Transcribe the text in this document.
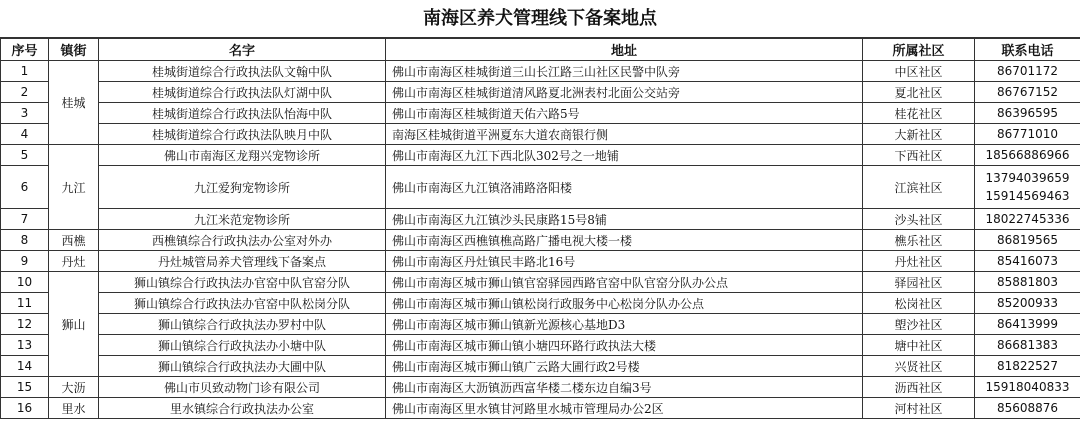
南海区养犬管理线下备案地点
序号	镇街	名字	地址	所属社区	联系电话
1	桂城	桂城街道综合行政执法队文翰中队	佛山市南海区桂城街道三山长江路三山社区民警中队旁	中区社区	86701172

2		桂城街道综合行政执法队灯湖中队	佛山市南海区桂城街道清风路夏北洲表村北面公交站旁	夏北社区	86767152

3		桂城街道综合行政执法队怡海中队	佛山市南海区桂城街道天佑六路5号	桂花社区	86396595

4		桂城街道综合行政执法队映月中队	南海区桂城街道平洲夏东大道农商银行侧	大新社区	86771010

5	九江	佛山市南海区龙翔兴宠物诊所	佛山市南海区九江下西北队302号之一地铺	下西社区	18566886966

6		九江爱狗宠物诊所	佛山市南海区九江镇洛浦路洛阳楼	江滨社区	13794039659
15914569463

7		九江米范宠物诊所	佛山市南海区九江镇沙头民康路15号8铺	沙头社区	18022745336

8	西樵	西樵镇综合行政执法办公室对外办	佛山市南海区西樵镇樵高路广播电视大楼一楼	樵乐社区	86819565

9	丹灶	丹灶城管局养犬管理线下备案点	佛山市南海区丹灶镇民丰路北16号	丹灶社区	85416073

10	狮山	狮山镇综合行政执法办官窑中队官窑分队	佛山市南海区城市狮山镇官窑驿园西路官窑中队官窑分队办公点	驿园社区	85881803

11		狮山镇综合行政执法办官窑中队松岗分队	佛山市南海区城市狮山镇松岗行政服务中心松岗分队办公点	松岗社区	85200933

12		狮山镇综合行政执法办罗村中队	佛山市南海区城市狮山镇新光源核心基地D3	塱沙社区	86413999

13		狮山镇综合行政执法办小塘中队	佛山市南海区城市狮山镇小塘四环路行政执法大楼	塘中社区	86681383

14		狮山镇综合行政执法办大圃中队	佛山市南海区城市狮山镇广云路大圃行政2号楼	兴贤社区	81822527

15	大沥	佛山市贝致动物门诊有限公司	佛山市南海区大沥镇沥西富华楼二楼东边自编3号	沥西社区	15918040833

16	里水	里水镇综合行政执法办公室	佛山市南海区里水镇甘河路里水城市管理局办公2区	河村社区	85608876
